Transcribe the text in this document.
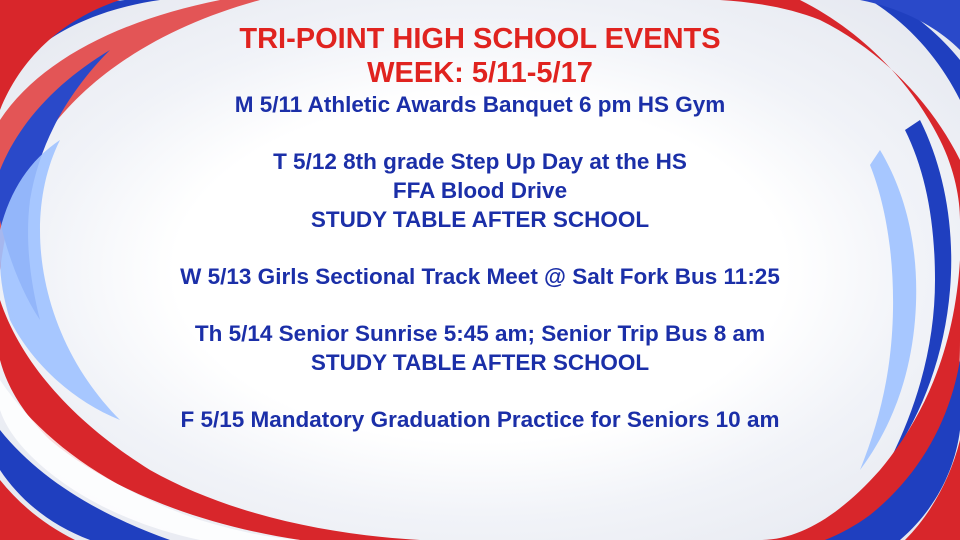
TRI-POINT HIGH SCHOOL EVENTS

WEEK: 5/11-5/17

M 5/11 Athletic Awards Banquet 6 pm HS Gym

T 5/12 8th grade Step Up Day at the HS

FFA Blood Drive

STUDY TABLE AFTER SCHOOL

W 5/13 Girls Sectional Track Meet @ Salt Fork Bus 11:25

Th 5/14 Senior Sunrise 5:45 am; Senior Trip Bus 8 am

STUDY TABLE AFTER SCHOOL

F 5/15 Mandatory Graduation Practice for Seniors 10 am
